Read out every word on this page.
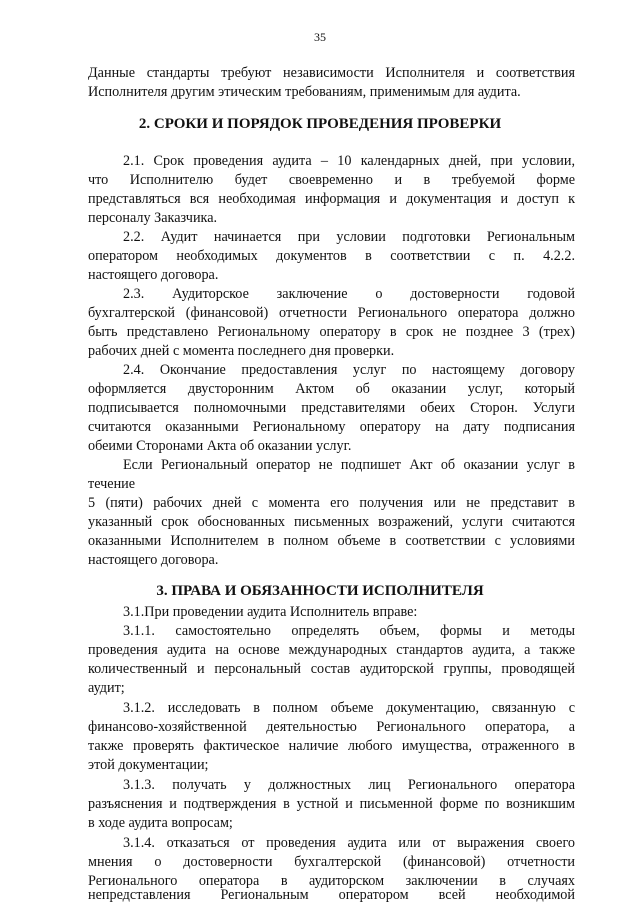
35
Данные стандарты требуют независимости Исполнителя и соответствия
Исполнителя другим этическим требованиям, применимым для аудита.
2. СРОКИ И ПОРЯДОК ПРОВЕДЕНИЯ ПРОВЕРКИ
2.1. Срок проведения аудита – 10 календарных дней, при условии,
что Исполнителю будет своевременно и в требуемой форме
представляться вся необходимая информация и документация и доступ к
персоналу Заказчика.
2.2. Аудит начинается при условии подготовки Региональным
оператором необходимых документов в соответствии с п. 4.2.2.
настоящего договора.
2.3. Аудиторское заключение о достоверности годовой
бухгалтерской (финансовой) отчетности Регионального оператора должно
быть представлено Региональному оператору в срок не позднее 3 (трех)
рабочих дней с момента последнего дня проверки.
2.4. Окончание предоставления услуг по настоящему договору
оформляется двусторонним Актом об оказании услуг, который
подписывается полномочными представителями обеих Сторон. Услуги
считаются оказанными Региональному оператору на дату подписания
обеими Сторонами Акта об оказании услуг.
Если Региональный оператор не подпишет Акт об оказании услуг в
течение
5 (пяти) рабочих дней с момента его получения или не представит в
указанный срок обоснованных письменных возражений, услуги считаются
оказанными Исполнителем в полном объеме в соответствии с условиями
настоящего договора.
3. ПРАВА И ОБЯЗАННОСТИ ИСПОЛНИТЕЛЯ
3.1.При проведении аудита Исполнитель вправе:
3.1.1. самостоятельно определять объем, формы и методы
проведения аудита на основе международных стандартов аудита, а также
количественный и персональный состав аудиторской группы, проводящей
аудит;
3.1.2. исследовать в полном объеме документацию, связанную с
финансово-хозяйственной деятельностью Регионального оператора, а
также проверять фактическое наличие любого имущества, отраженного в
этой документации;
3.1.3. получать у должностных лиц Регионального оператора
разъяснения и подтверждения в устной и письменной форме по возникшим
в ходе аудита вопросам;
3.1.4. отказаться от проведения аудита или от выражения своего
мнения о достоверности бухгалтерской (финансовой) отчетности
Регионального оператора в аудиторском заключении в случаях
непредставления Региональным оператором всей необходимой
